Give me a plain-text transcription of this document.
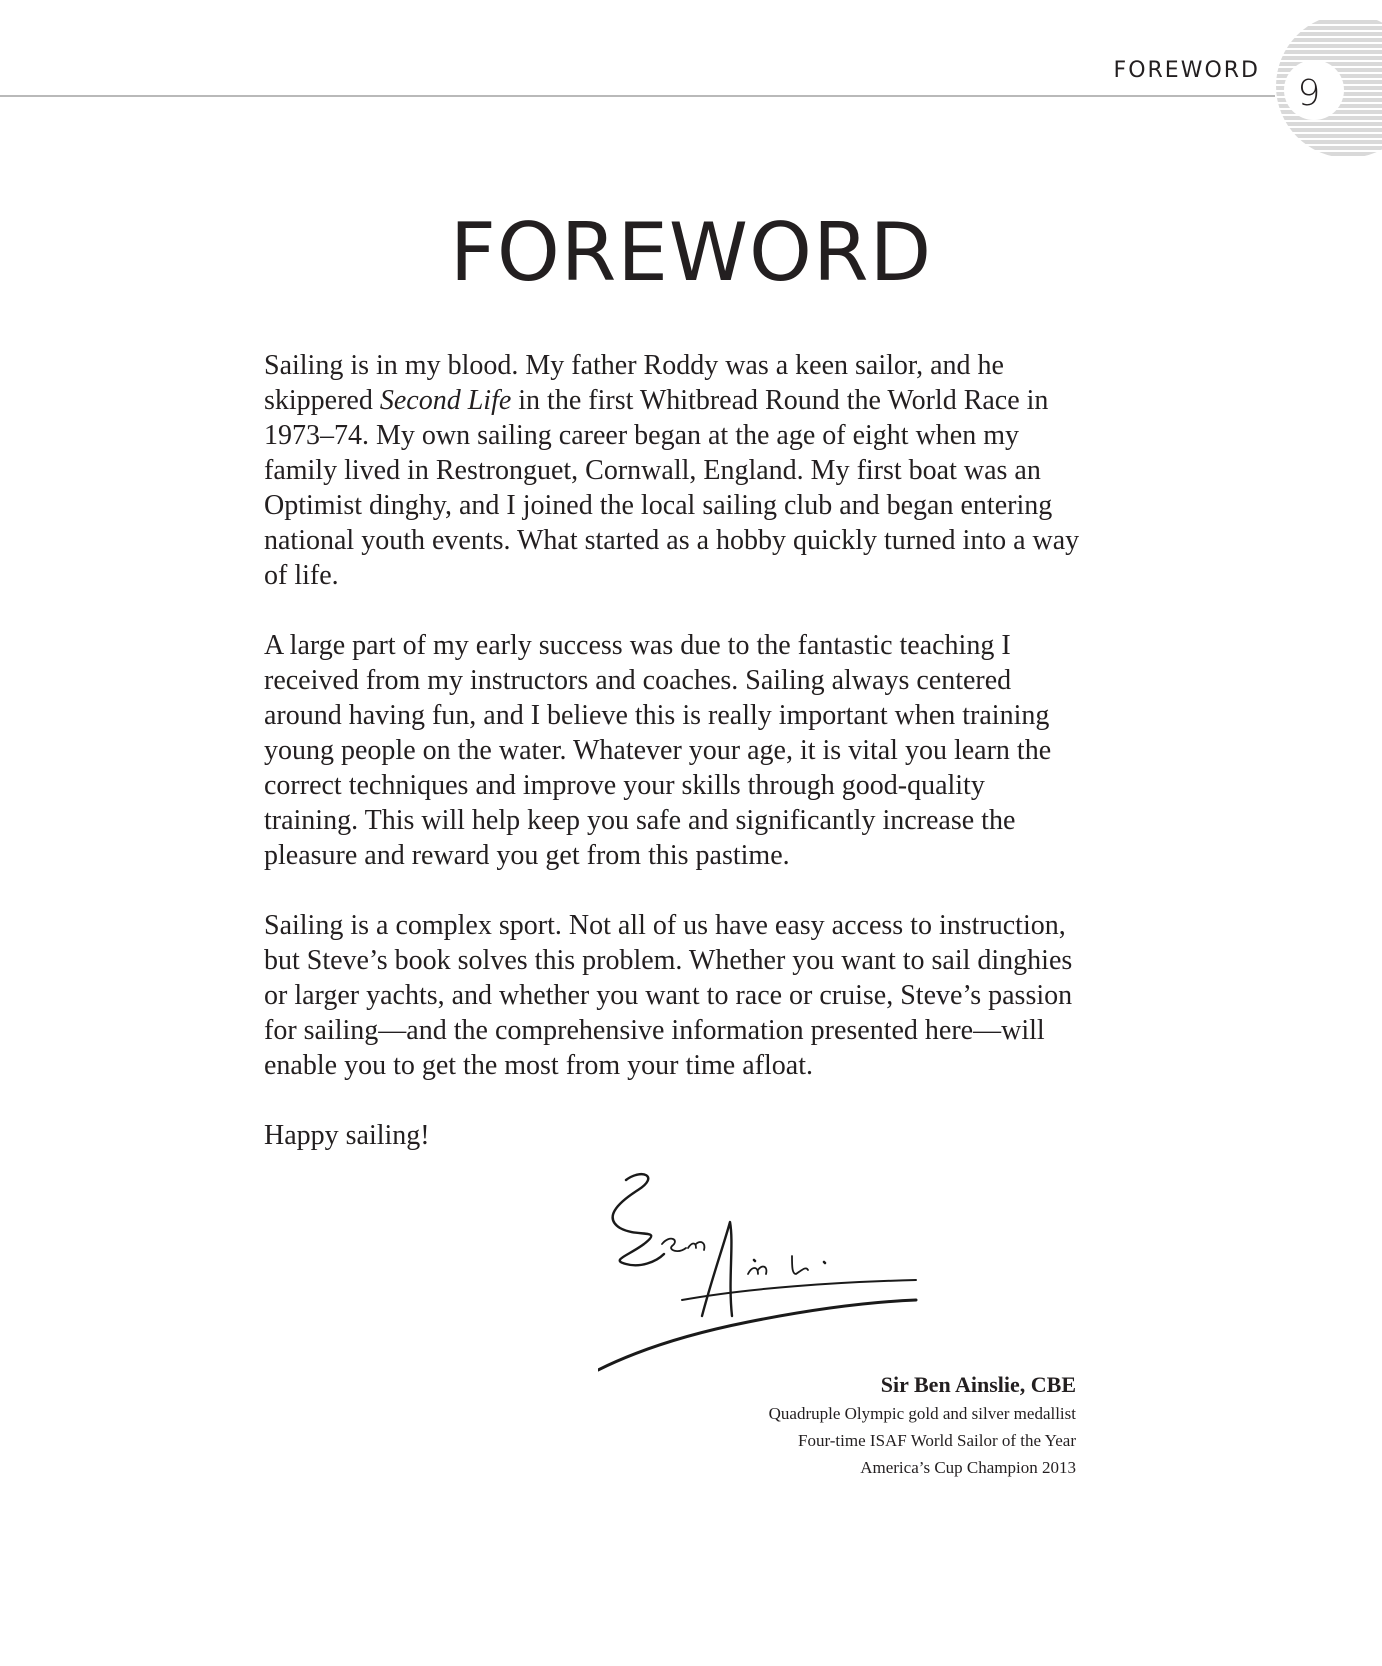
FOREWORD
9
FOREWORD

Sailing is in my blood. My father Roddy was a keen sailor, and he skippered Second Life in the first Whitbread Round the World Race in 1973–74. My own sailing career began at the age of eight when my family lived in Restronguet, Cornwall, England. My first boat was an Optimist dinghy, and I joined the local sailing club and began entering national youth events. What started as a hobby quickly turned into a way of life.

A large part of my early success was due to the fantastic teaching I received from my instructors and coaches. Sailing always centered around having fun, and I believe this is really important when training young people on the water. Whatever your age, it is vital you learn the correct techniques and improve your skills through good-quality training. This will help keep you safe and significantly increase the pleasure and reward you get from this pastime.

Sailing is a complex sport. Not all of us have easy access to instruction, but Steve’s book solves this problem. Whether you want to sail dinghies or larger yachts, and whether you want to race or cruise, Steve’s passion for sailing—and the comprehensive information presented here—will enable you to get the most from your time afloat.

Happy sailing!

Sir Ben Ainslie, CBE
Quadruple Olympic gold and silver medallist
Four-time ISAF World Sailor of the Year
America’s Cup Champion 2013
